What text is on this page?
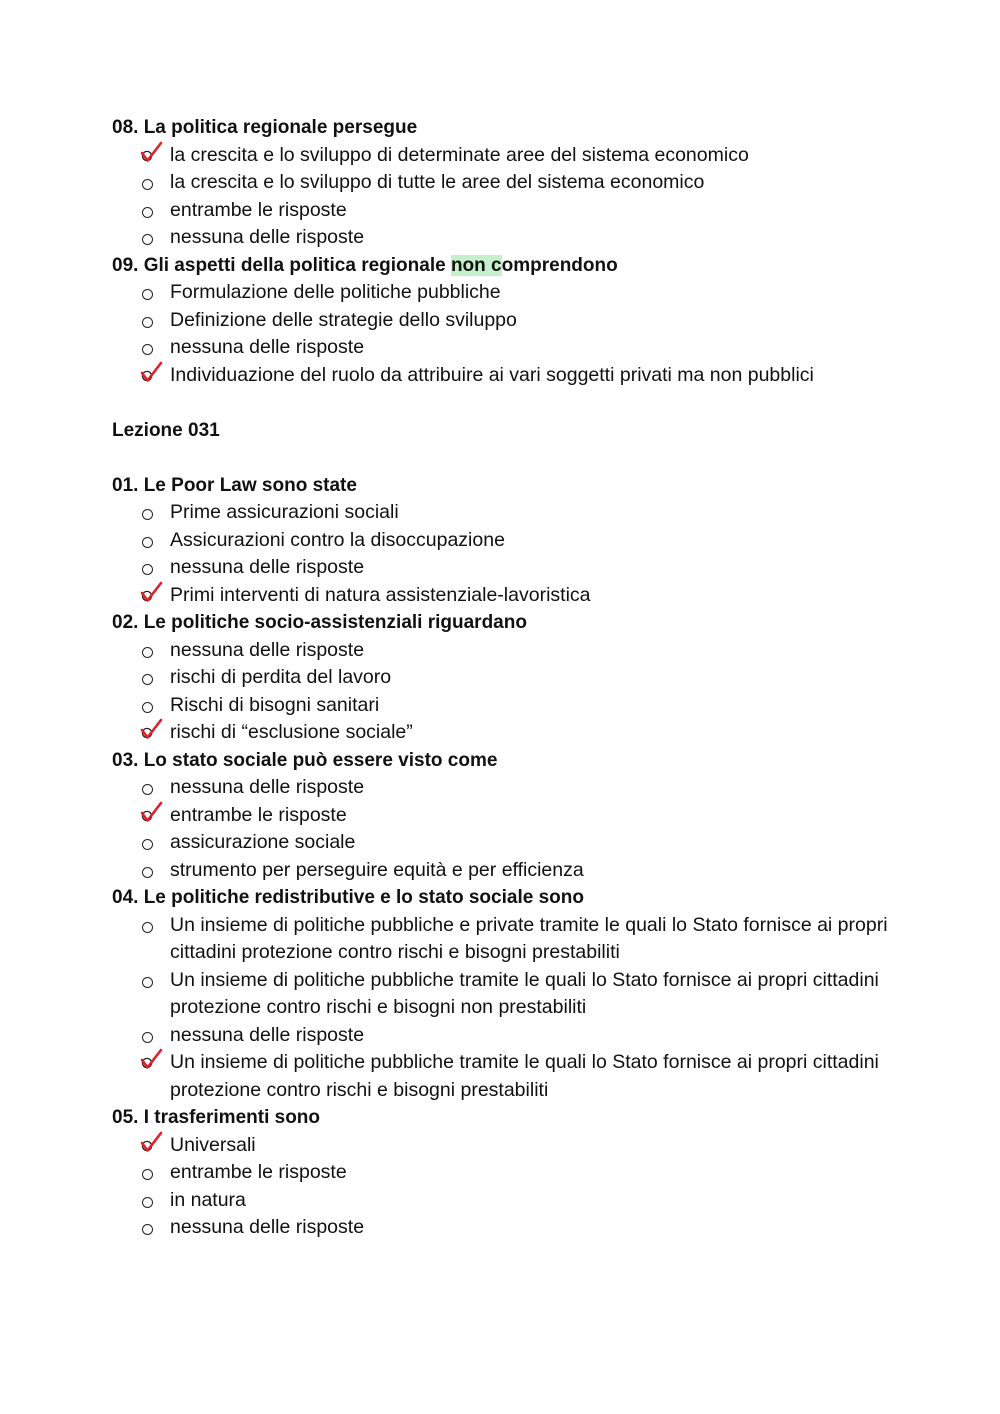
08. La politica regionale persegue
la crescita e lo sviluppo di determinate aree del sistema economico
la crescita e lo sviluppo di tutte le aree del sistema economico
entrambe le risposte
nessuna delle risposte
09. Gli aspetti della politica regionale non comprendono
Formulazione delle politiche pubbliche
Definizione delle strategie dello sviluppo
nessuna delle risposte
Individuazione del ruolo da attribuire ai vari soggetti privati ma non pubblici
Lezione 031
01. Le Poor Law sono state
Prime assicurazioni sociali
Assicurazioni contro la disoccupazione
nessuna delle risposte
Primi interventi di natura assistenziale-lavoristica
02. Le politiche socio-assistenziali riguardano
nessuna delle risposte
rischi di perdita del lavoro
Rischi di bisogni sanitari
rischi di “esclusione sociale”
03. Lo stato sociale può essere visto come
nessuna delle risposte
entrambe le risposte
assicurazione sociale
strumento per perseguire equità e per efficienza
04. Le politiche redistributive e lo stato sociale sono
Un insieme di politiche pubbliche e private tramite le quali lo Stato fornisce ai propri cittadini protezione contro rischi e bisogni prestabiliti
Un insieme di politiche pubbliche tramite le quali lo Stato fornisce ai propri cittadini protezione contro rischi e bisogni non prestabiliti
nessuna delle risposte
Un insieme di politiche pubbliche tramite le quali lo Stato fornisce ai propri cittadini protezione contro rischi e bisogni prestabiliti
05. I trasferimenti sono
Universali
entrambe le risposte
in natura
nessuna delle risposte
